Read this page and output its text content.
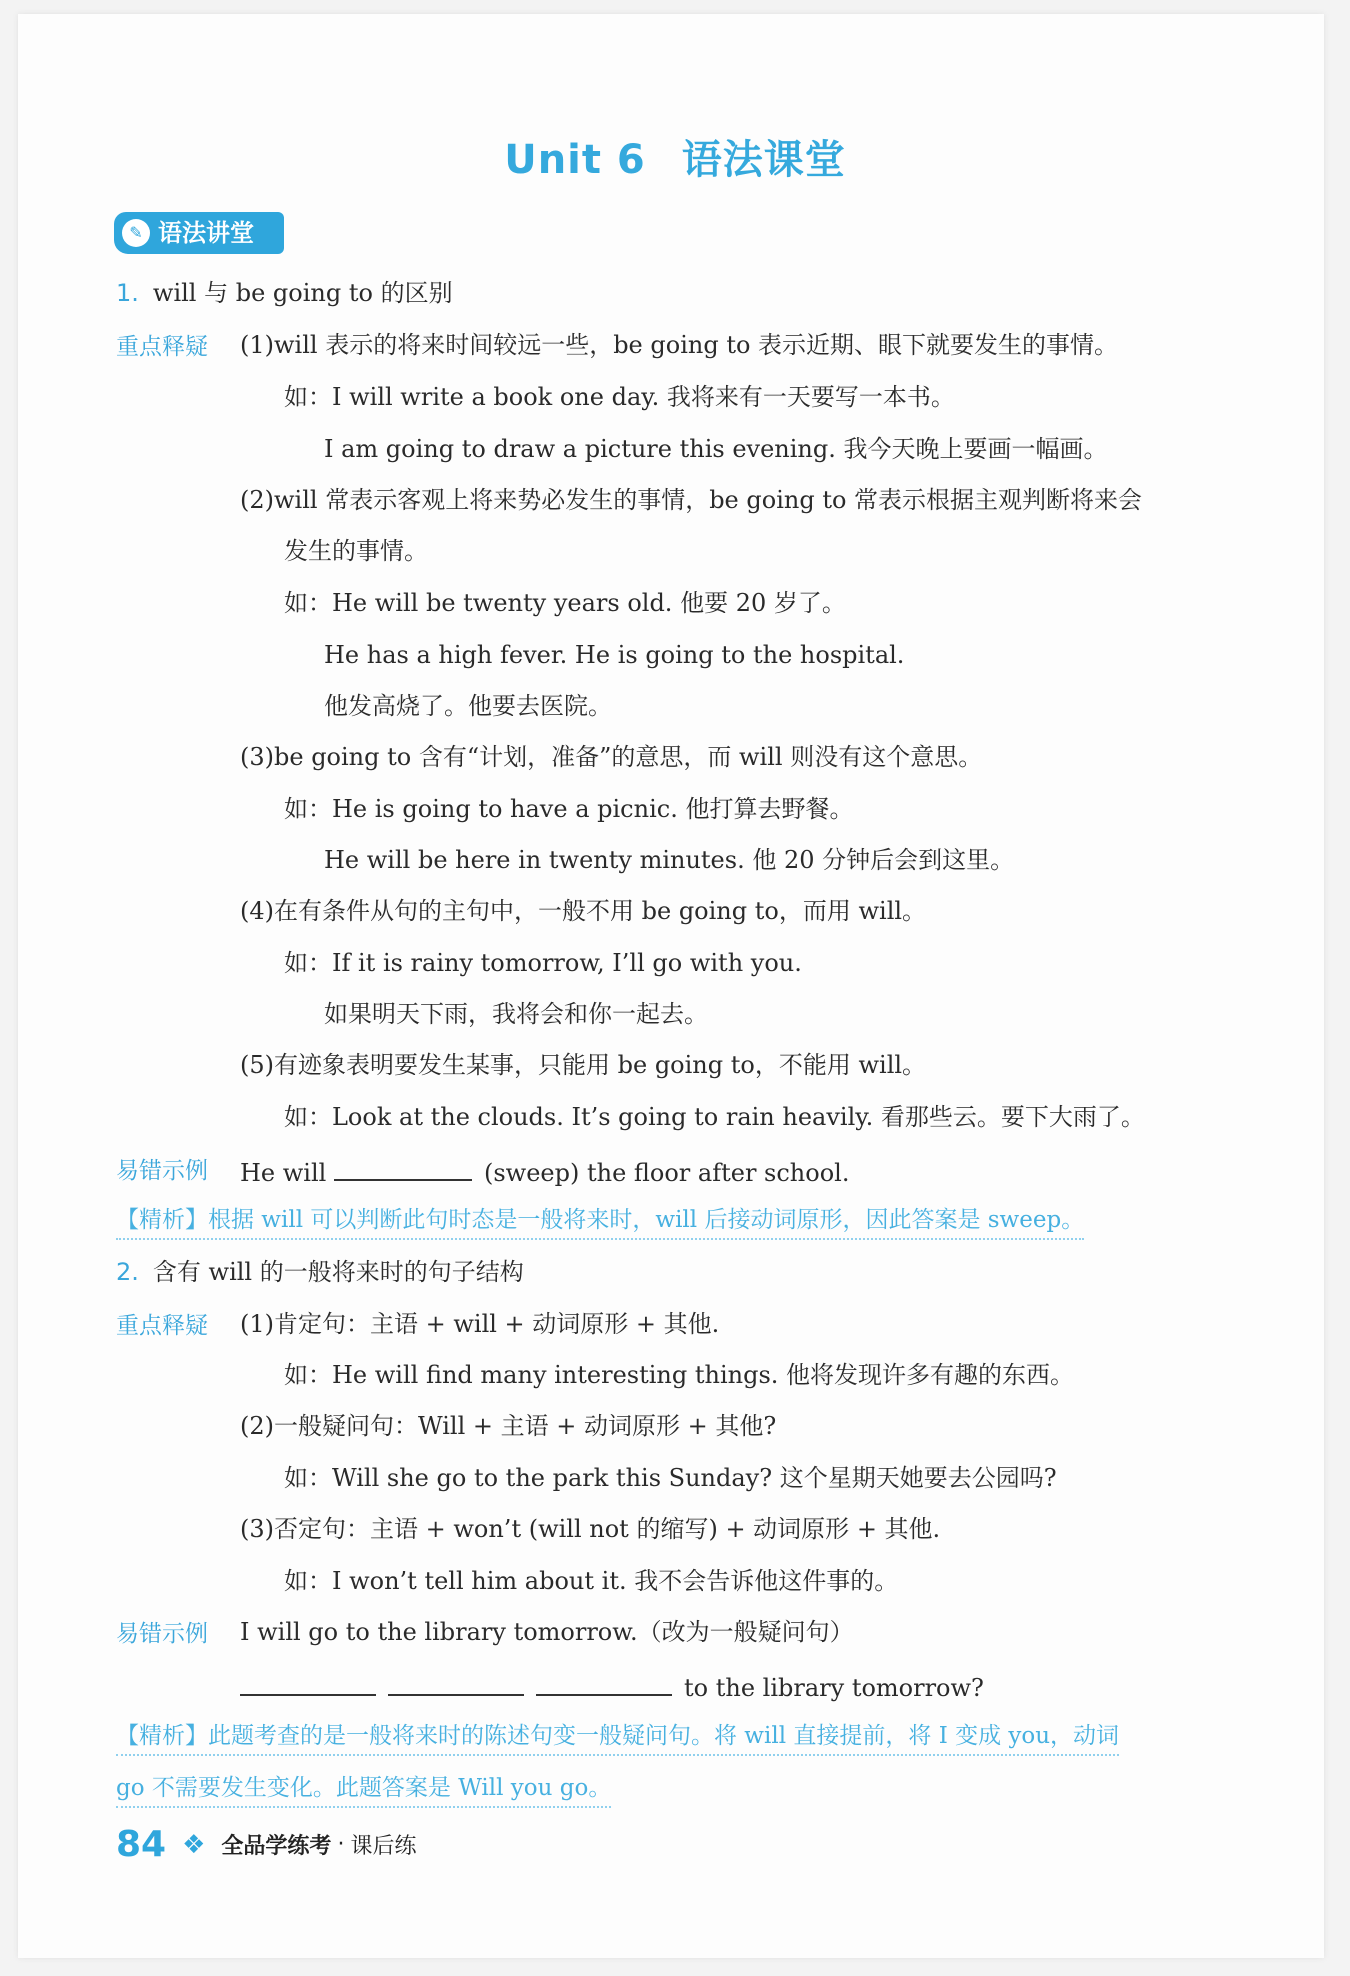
Unit 6 语法课堂
✎ 语法讲堂
1. will 与 be going to 的区别
重点释疑 (1)will 表示的将来时间较远一些，be going to 表示近期、眼下就要发生的事情。
如：I will write a book one day. 我将来有一天要写一本书。
I am going to draw a picture this evening. 我今天晚上要画一幅画。
(2)will 常表示客观上将来势必发生的事情，be going to 常表示根据主观判断将来会
发生的事情。
如：He will be twenty years old. 他要 20 岁了。
He has a high fever. He is going to the hospital.
他发高烧了。他要去医院。
(3)be going to 含有“计划，准备”的意思，而 will 则没有这个意思。
如：He is going to have a picnic. 他打算去野餐。
He will be here in twenty minutes. 他 20 分钟后会到这里。
(4)在有条件从句的主句中，一般不用 be going to，而用 will。
如：If it is rainy tomorrow, I’ll go with you.
如果明天下雨，我将会和你一起去。
(5)有迹象表明要发生某事，只能用 be going to，不能用 will。
如：Look at the clouds. It’s going to rain heavily. 看那些云。要下大雨了。
易错示例 He will	(sweep) the floor after school.
【精析】根据 will 可以判断此句时态是一般将来时，will 后接动词原形，因此答案是 sweep。
2. 含有 will 的一般将来时的句子结构
重点释疑 (1)肯定句：主语 + will + 动词原形 + 其他.
如：He will find many interesting things. 他将发现许多有趣的东西。
(2)一般疑问句：Will + 主语 + 动词原形 + 其他?
如：Will she go to the park this Sunday? 这个星期天她要去公园吗?
(3)否定句：主语 + won’t (will not 的缩写) + 动词原形 + 其他.
如：I won’t tell him about it. 我不会告诉他这件事的。
易错示例 I will go to the library tomorrow.（改为一般疑问句）
to the library tomorrow?
【精析】此题考查的是一般将来时的陈述句变一般疑问句。将 will 直接提前，将 I 变成 you，动词
go 不需要发生变化。此题答案是 Will you go。
84 ❖ 全品学练考 · 课后练
